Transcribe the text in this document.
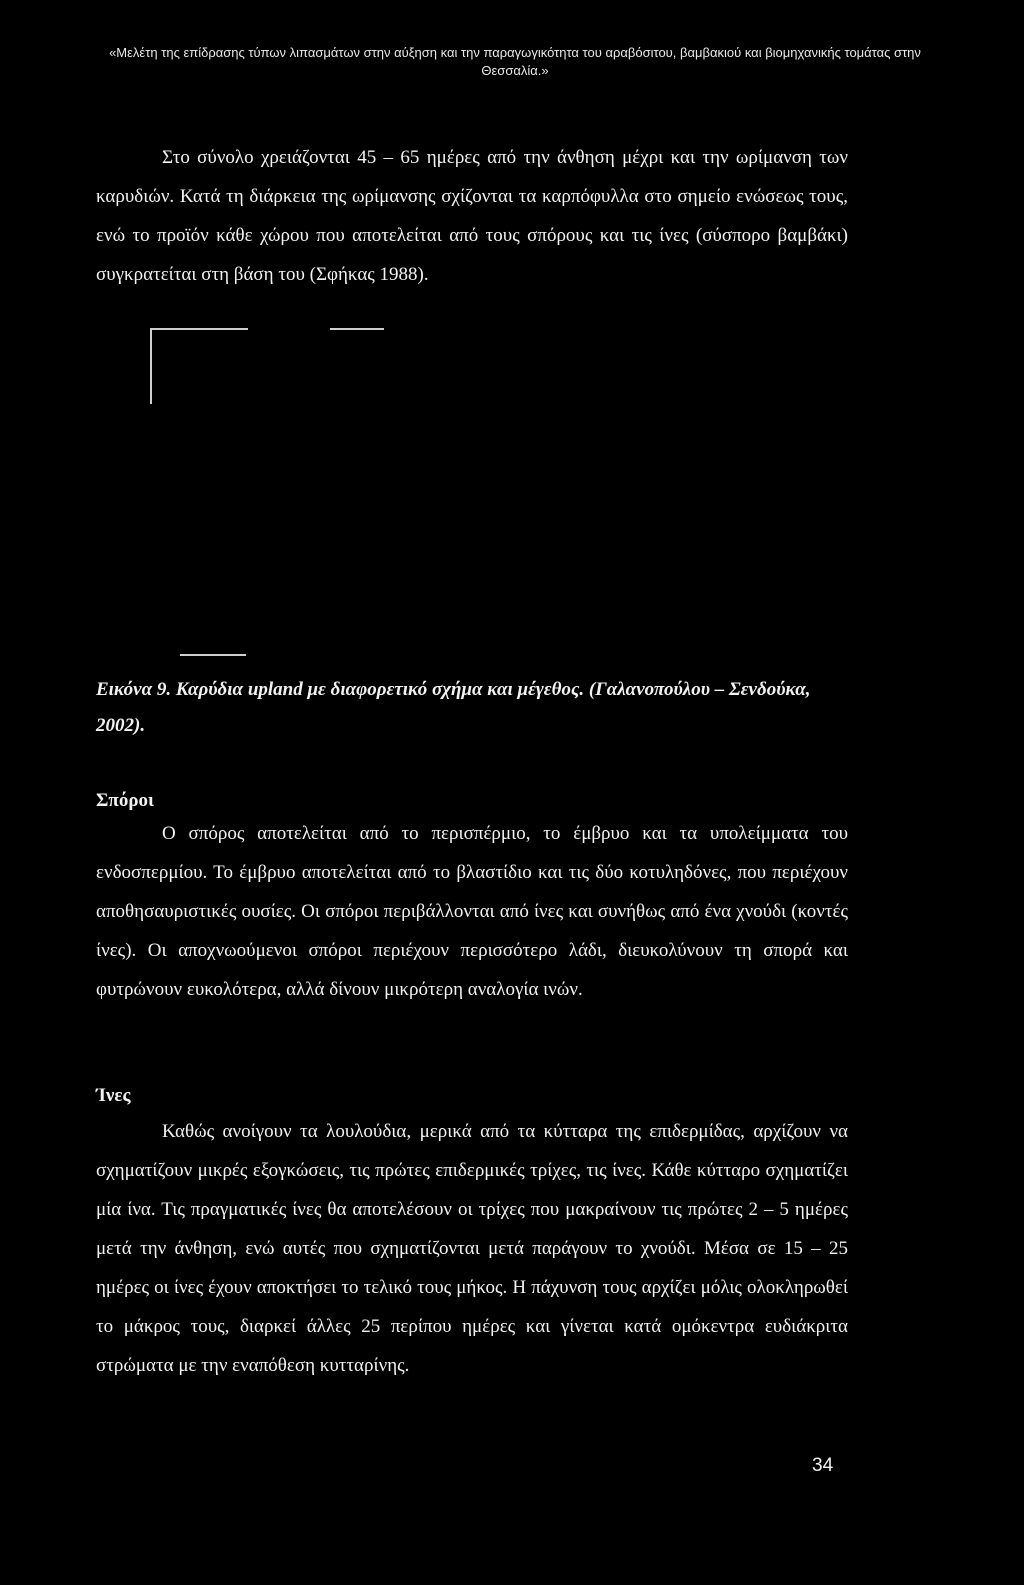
«Μελέτη της επίδρασης τύπων λιπασμάτων στην αύξηση και την παραγωγικότητα του αραβόσιτου, βαμβακιού και βιομηχανικής τομάτας στην Θεσσαλία.»

Στο σύνολο χρειάζονται 45 – 65 ημέρες από την άνθηση μέχρι και την ωρίμανση των καρυδιών. Κατά τη διάρκεια της ωρίμανσης σχίζονται τα καρπόφυλλα στο σημείο ενώσεως τους, ενώ το προϊόν κάθε χώρου που αποτελείται από τους σπόρους και τις ίνες (σύσπορο βαμβάκι) συγκρατείται στη βάση του (Σφήκας 1988).

Εικόνα 9. Καρύδια upland με διαφορετικό σχήμα και μέγεθος. (Γαλανοπούλου – Σενδούκα, 2002).

Σπόροι

Ο σπόρος αποτελείται από το περισπέρμιο, το έμβρυο και τα υπολείμματα του ενδοσπερμίου. Το έμβρυο αποτελείται από το βλαστίδιο και τις δύο κοτυληδόνες, που περιέχουν αποθησαυριστικές ουσίες. Οι σπόροι περιβάλλονται από ίνες και συνήθως από ένα χνούδι (κοντές ίνες). Οι αποχνωούμενοι σπόροι περιέχουν περισσότερο λάδι, διευκολύνουν τη σπορά και φυτρώνουν ευκολότερα, αλλά δίνουν μικρότερη αναλογία ινών.

Ίνες

Καθώς ανοίγουν τα λουλούδια, μερικά από τα κύτταρα της επιδερμίδας, αρχίζουν να σχηματίζουν μικρές εξογκώσεις, τις πρώτες επιδερμικές τρίχες, τις ίνες. Κάθε κύτταρο σχηματίζει μία ίνα. Τις πραγματικές ίνες θα αποτελέσουν οι τρίχες που μακραίνουν τις πρώτες 2 – 5 ημέρες μετά την άνθηση, ενώ αυτές που σχηματίζονται μετά παράγουν το χνούδι. Μέσα σε 15 – 25 ημέρες οι ίνες έχουν αποκτήσει το τελικό τους μήκος. Η πάχυνση τους αρχίζει μόλις ολοκληρωθεί το μάκρος τους, διαρκεί άλλες 25 περίπου ημέρες και γίνεται κατά ομόκεντρα ευδιάκριτα στρώματα με την εναπόθεση κυτταρίνης.

34
